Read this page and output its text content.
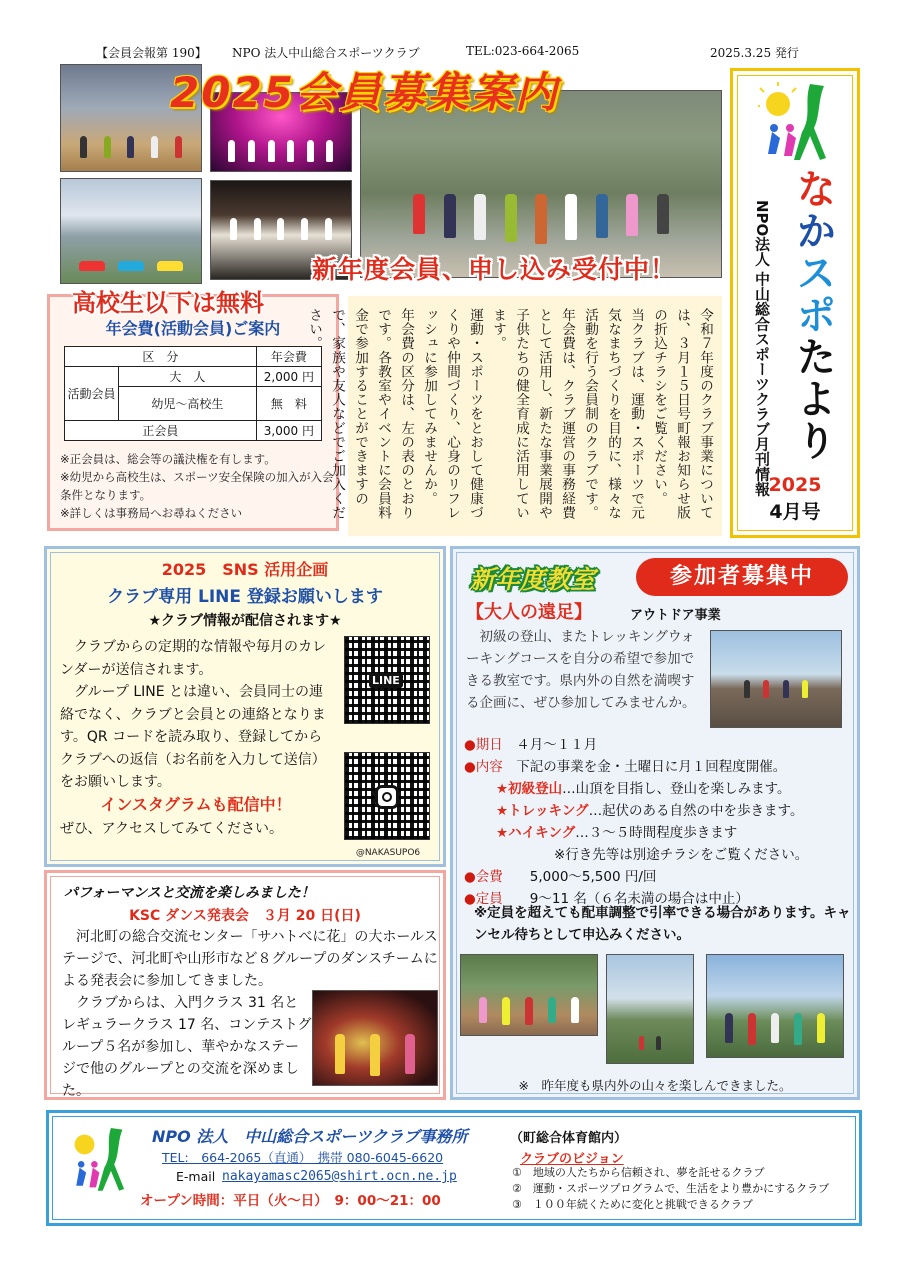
【会員会報第 190】 NPO 法人中山総合スポーツクラブ	TEL:023-664-2065	2025.3.25 発行
2025会員募集案内
新年度会員、申し込み受付中！
高校生以下は無料
年会費(活動会員)ご案内
区　分		年会費
活動会員	大　人	2,000 円
	幼児～高校生	無　料
正会員		3,000 円
※正会員は、総会等の議決権を有します。
※幼児から高校生は、スポーツ安全保険の加入が入会条件となります。
※詳しくは事務局へお尋ねください	令和７年度のクラブ事業については、３月１５日号町報お知らせ版の折込チラシをご覧ください。
当クラブは、運動・スポーツで元気なまちづくりを目的に、様々な活動を行う会員制のクラブです。
年会費は、クラブ運営の事務経費として活用し、新たな事業展開や子供たちの健全育成に活用しています。
運動・スポーツをとおして健康づくりや仲間づくり、心身のリフレッシュに参加してみませんか。
年会費の区分は、左の表のとおりです。各教室やイベントに会員料金で参加することができますので、家族や友人などでご加入ください。
なかスポたより
NPO法人 中山総合スポーツクラブ月刊情報
2025
4月号
2025　SNS 活用企画
クラブ専用 LINE 登録お願いします
★クラブ情報が配信されます★

クラブからの定期的な情報や毎月のカレンダーが送信されます。

グループ LINE とは違い、会員同士の連絡でなく、クラブと会員との連絡となります。QR コードを読み取り、登録してからクラブへの返信（お名前を入力して送信）をお願いします。

インスタグラムも配信中！
ぜひ、アクセスしてみてください。
LINE
@NAKASUPO6
パフォーマンスと交流を楽しみました！
KSC ダンス発表会　３月 20 日(日)
河北町の総合交流センター「サハトべに花」の大ホールステージで、河北町や山形市など８グループのダンスチームによる発表会に参加してきました。
クラブからは、入門クラス 31 名とレギュラークラス 17 名、コンテストグループ５名が参加し、華やかなステージで他のグループとの交流を深めました。
新年度教室	参加者募集中
【大人の遠足】	アウトドア事業
初級の登山、またトレッキングウォーキングコースを自分の希望で参加できる教室です。県内外の自然を満喫する企画に、ぜひ参加してみませんか。
●期日　 ４月～１１月
●内容　 下記の事業を金・土曜日に月１回程度開催。
★初級登山…山頂を目指し、登山を楽しみます。
★トレッキング…起伏のある自然の中を歩きます。
★ハイキング…３～５時間程度歩きます
※行き先等は別途チラシをご覧ください。
●会費　　 5,000～5,500 円/回
●定員　　 9～11 名（６名未満の場合は中止）
※定員を超えても配車調整で引率できる場合があります。キャンセル待ちとして申込みください。
※　昨年度も県内外の山々を楽しんできました。
NPO 法人　中山総合スポーツクラブ事務所	（町総合体育館内）
TEL:　664-2065（直通）　携帯 080-6045-6620
E-mail nakayamasc2065@shirt.ocn.ne.jp
オープン時間：平日（火～日）　9：00～21：00
クラブのビジョン
①　地域の人たちから信頼され、夢を託せるクラブ
②　運動・スポーツプログラムで、生活をより豊かにするクラブ
③　１００年続くために変化と挑戦できるクラブ
